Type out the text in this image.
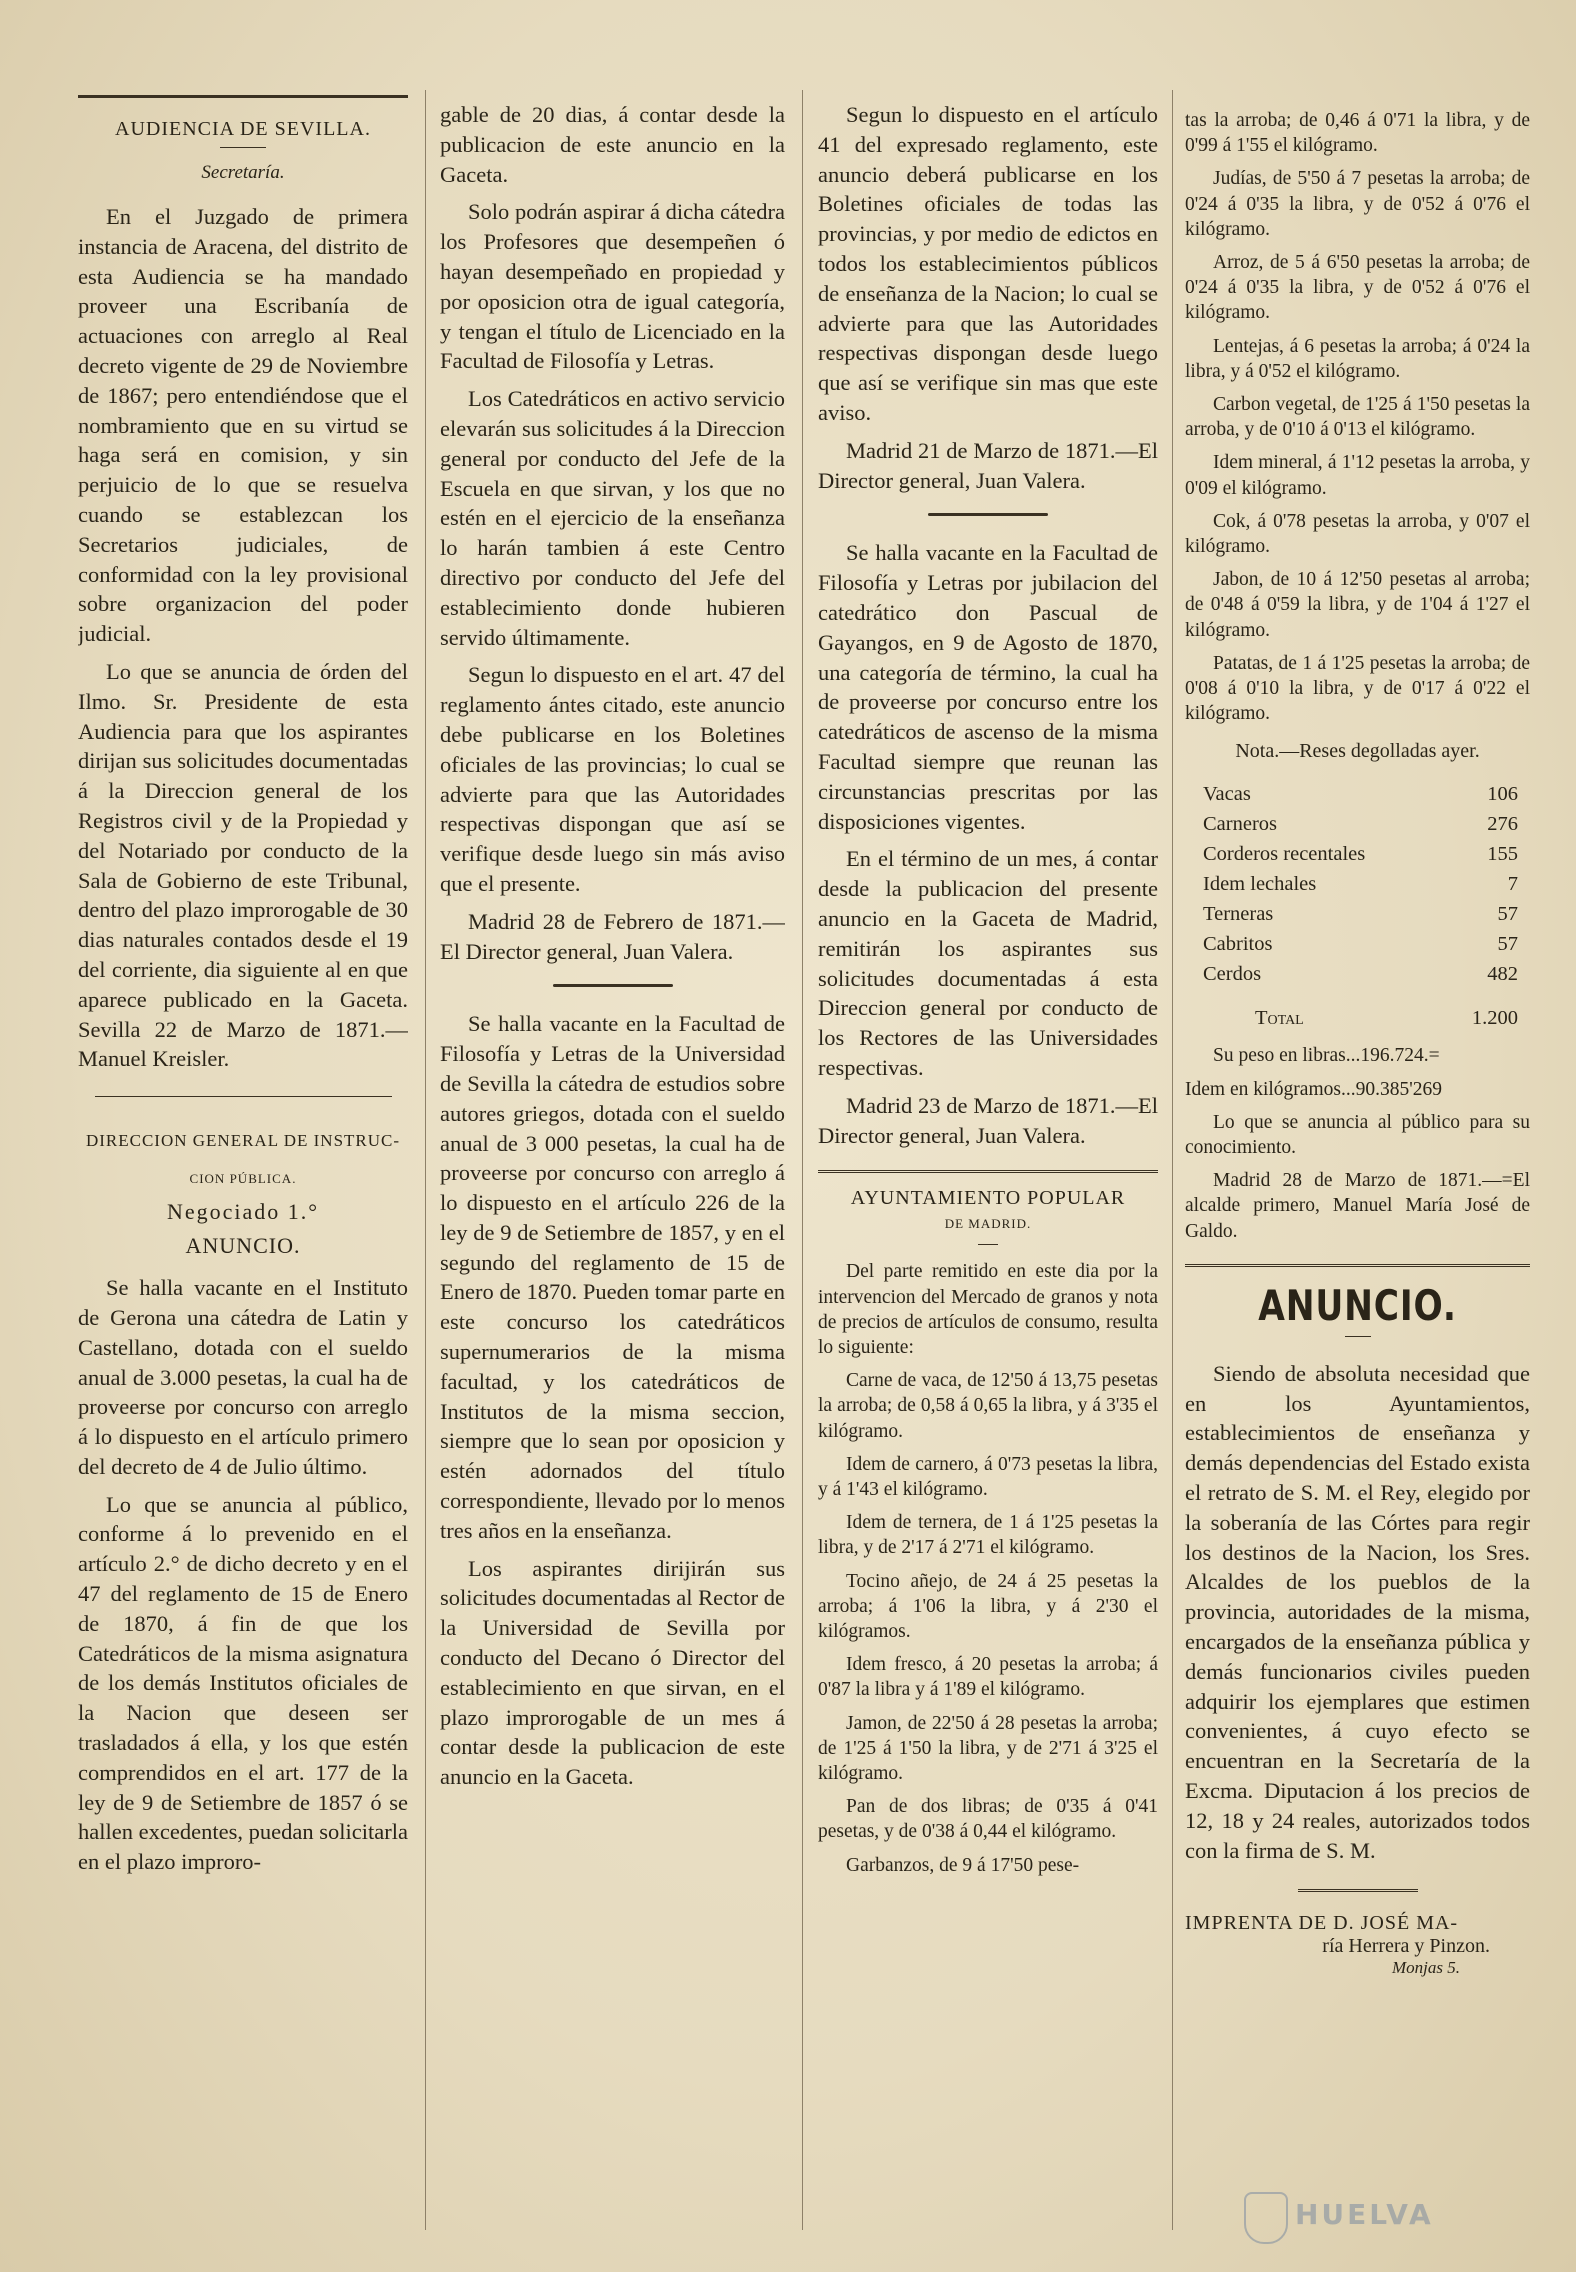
AUDIENCIA DE SEVILLA.
Secretaría.

En el Juzgado de primera instancia de Aracena, del distrito de esta Audiencia se ha mandado proveer una Escribanía de actuaciones con arreglo al Real decreto vigente de 29 de Noviembre de 1867; pero entendiéndose que el nombramiento que en su virtud se haga será en comision, y sin perjuicio de lo que se resuelva cuando se establezcan los Secretarios judiciales, de conformidad con la ley provisional sobre organizacion del poder judicial.

Lo que se anuncia de órden del Ilmo. Sr. Presidente de esta Audiencia para que los aspirantes dirijan sus solicitudes documentadas á la Direccion general de los Registros civil y de la Propiedad y del Notariado por conducto de la Sala de Gobierno de este Tribunal, dentro del plazo improrogable de 30 dias naturales contados desde el 19 del corriente, dia siguiente al en que aparece publicado en la Gaceta. Sevilla 22 de Marzo de 1871.—Manuel Kreisler.

DIRECCION GENERAL DE INSTRUC-
CION PÚBLICA.
Negociado 1.°
ANUNCIO.

Se halla vacante en el Instituto de Gerona una cátedra de Latin y Castellano, dotada con el sueldo anual de 3.000 pesetas, la cual ha de proveerse por concurso con arreglo á lo dispuesto en el artículo primero del decreto de 4 de Julio último.

Lo que se anuncia al público, conforme á lo prevenido en el artículo 2.° de dicho decreto y en el 47 del reglamento de 15 de Enero de 1870, á fin de que los Catedráticos de la misma asignatura de los demás Institutos oficiales de la Nacion que deseen ser trasladados á ella, y los que estén comprendidos en el art. 177 de la ley de 9 de Setiembre de 1857 ó se hallen excedentes, puedan solicitarla en el plazo improro-

gable de 20 dias, á contar desde la publicacion de este anuncio en la Gaceta.

Solo podrán aspirar á dicha cátedra los Profesores que desempeñen ó hayan desempeñado en propiedad y por oposicion otra de igual categoría, y tengan el título de Licenciado en la Facultad de Filosofía y Letras.

Los Catedráticos en activo servicio elevarán sus solicitudes á la Direccion general por conducto del Jefe de la Escuela en que sirvan, y los que no estén en el ejercicio de la enseñanza lo harán tambien á este Centro directivo por conducto del Jefe del establecimiento donde hubieren servido últimamente.

Segun lo dispuesto en el art. 47 del reglamento ántes citado, este anuncio debe publicarse en los Boletines oficiales de las provincias; lo cual se advierte para que las Autoridades respectivas dispongan que así se verifique desde luego sin más aviso que el presente.

Madrid 28 de Febrero de 1871.—El Director general, Juan Valera.

Se halla vacante en la Facultad de Filosofía y Letras de la Universidad de Sevilla la cátedra de estudios sobre autores griegos, dotada con el sueldo anual de 3 000 pesetas, la cual ha de proveerse por concurso con arreglo á lo dispuesto en el artículo 226 de la ley de 9 de Setiembre de 1857, y en el segundo del reglamento de 15 de Enero de 1870. Pueden tomar parte en este concurso los catedráticos supernumerarios de la misma facultad, y los catedráticos de Institutos de la misma seccion, siempre que lo sean por oposicion y estén adornados del título correspondiente, llevado por lo menos tres años en la enseñanza.

Los aspirantes dirijirán sus solicitudes documentadas al Rector de la Universidad de Sevilla por conducto del Decano ó Director del establecimiento en que sirvan, en el plazo improrogable de un mes á contar desde la publicacion de este anuncio en la Gaceta.

Segun lo dispuesto en el artículo 41 del expresado reglamento, este anuncio deberá publicarse en los Boletines oficiales de todas las provincias, y por medio de edictos en todos los establecimientos públicos de enseñanza de la Nacion; lo cual se advierte para que las Autoridades respectivas dispongan desde luego que así se verifique sin mas que este aviso.

Madrid 21 de Marzo de 1871.—El Director general, Juan Valera.

Se halla vacante en la Facultad de Filosofía y Letras por jubilacion del catedrático don Pascual de Gayangos, en 9 de Agosto de 1870, una categoría de término, la cual ha de proveerse por concurso entre los catedráticos de ascenso de la misma Facultad siempre que reunan las circunstancias prescritas por las disposiciones vigentes.

En el término de un mes, á contar desde la publicacion del presente anuncio en la Gaceta de Madrid, remitirán los aspirantes sus solicitudes documentadas á esta Direccion general por conducto de los Rectores de las Universidades respectivas.

Madrid 23 de Marzo de 1871.—El Director general, Juan Valera.

AYUNTAMIENTO POPULAR
DE MADRID.

Del parte remitido en este dia por la intervencion del Mercado de granos y nota de precios de artículos de consumo, resulta lo siguiente:

Carne de vaca, de 12'50 á 13,75 pesetas la arroba; de 0,58 á 0,65 la libra, y á 3'35 el kilógramo.

Idem de carnero, á 0'73 pesetas la libra, y á 1'43 el kilógramo.

Idem de ternera, de 1 á 1'25 pesetas la libra, y de 2'17 á 2'71 el kilógramo.

Tocino añejo, de 24 á 25 pesetas la arroba; á 1'06 la libra, y á 2'30 el kilógramos.

Idem fresco, á 20 pesetas la arroba; á 0'87 la libra y á 1'89 el kilógramo.

Jamon, de 22'50 á 28 pesetas la arroba; de 1'25 á 1'50 la libra, y de 2'71 á 3'25 el kilógramo.

Pan de dos libras; de 0'35 á 0'41 pesetas, y de 0'38 á 0,44 el kilógramo.

Garbanzos, de 9 á 17'50 pese-

tas la arroba; de 0,46 á 0'71 la libra, y de 0'99 á 1'55 el kilógramo.

Judías, de 5'50 á 7 pesetas la arroba; de 0'24 á 0'35 la libra, y de 0'52 á 0'76 el kilógramo.

Arroz, de 5 á 6'50 pesetas la arroba; de 0'24 á 0'35 la libra, y de 0'52 á 0'76 el kilógramo.

Lentejas, á 6 pesetas la arroba; á 0'24 la libra, y á 0'52 el kilógramo.

Carbon vegetal, de 1'25 á 1'50 pesetas la arroba, y de 0'10 á 0'13 el kilógramo.

Idem mineral, á 1'12 pesetas la arroba, y 0'09 el kilógramo.

Cok, á 0'78 pesetas la arroba, y 0'07 el kilógramo.

Jabon, de 10 á 12'50 pesetas al arroba; de 0'48 á 0'59 la libra, y de 1'04 á 1'27 el kilógramo.

Patatas, de 1 á 1'25 pesetas la arroba; de 0'08 á 0'10 la libra, y de 0'17 á 0'22 el kilógramo.

Nota.—Reses degolladas ayer.
Vacas	106
Carneros	276
Corderos recentales	155
Idem lechales	7
Terneras	57
Cabritos	57
Cerdos	482
Total	1.200

Su peso en libras...196.724.=

Idem en kilógramos...90.385'269

Lo que se anuncia al público para su conocimiento.

Madrid 28 de Marzo de 1871.—=El alcalde primero, Manuel María José de Galdo.

ANUNCIO.

Siendo de absoluta necesidad que en los Ayuntamientos, establecimientos de enseñanza y demás dependencias del Estado exista el retrato de S. M. el Rey, elegido por la soberanía de las Córtes para regir los destinos de la Nacion, los Sres. Alcaldes de los pueblos de la provincia, autoridades de la misma, encargados de la enseñanza pública y demás funcionarios civiles pueden adquirir los ejemplares que estimen convenientes, á cuyo efecto se encuentran en la Secretaría de la Excma. Diputacion á los precios de 12, 18 y 24 reales, autorizados todos con la firma de S. M.

IMPRENTA DE D. JOSÉ MA-
ría Herrera y Pinzon.
Monjas 5.
HUELVA
